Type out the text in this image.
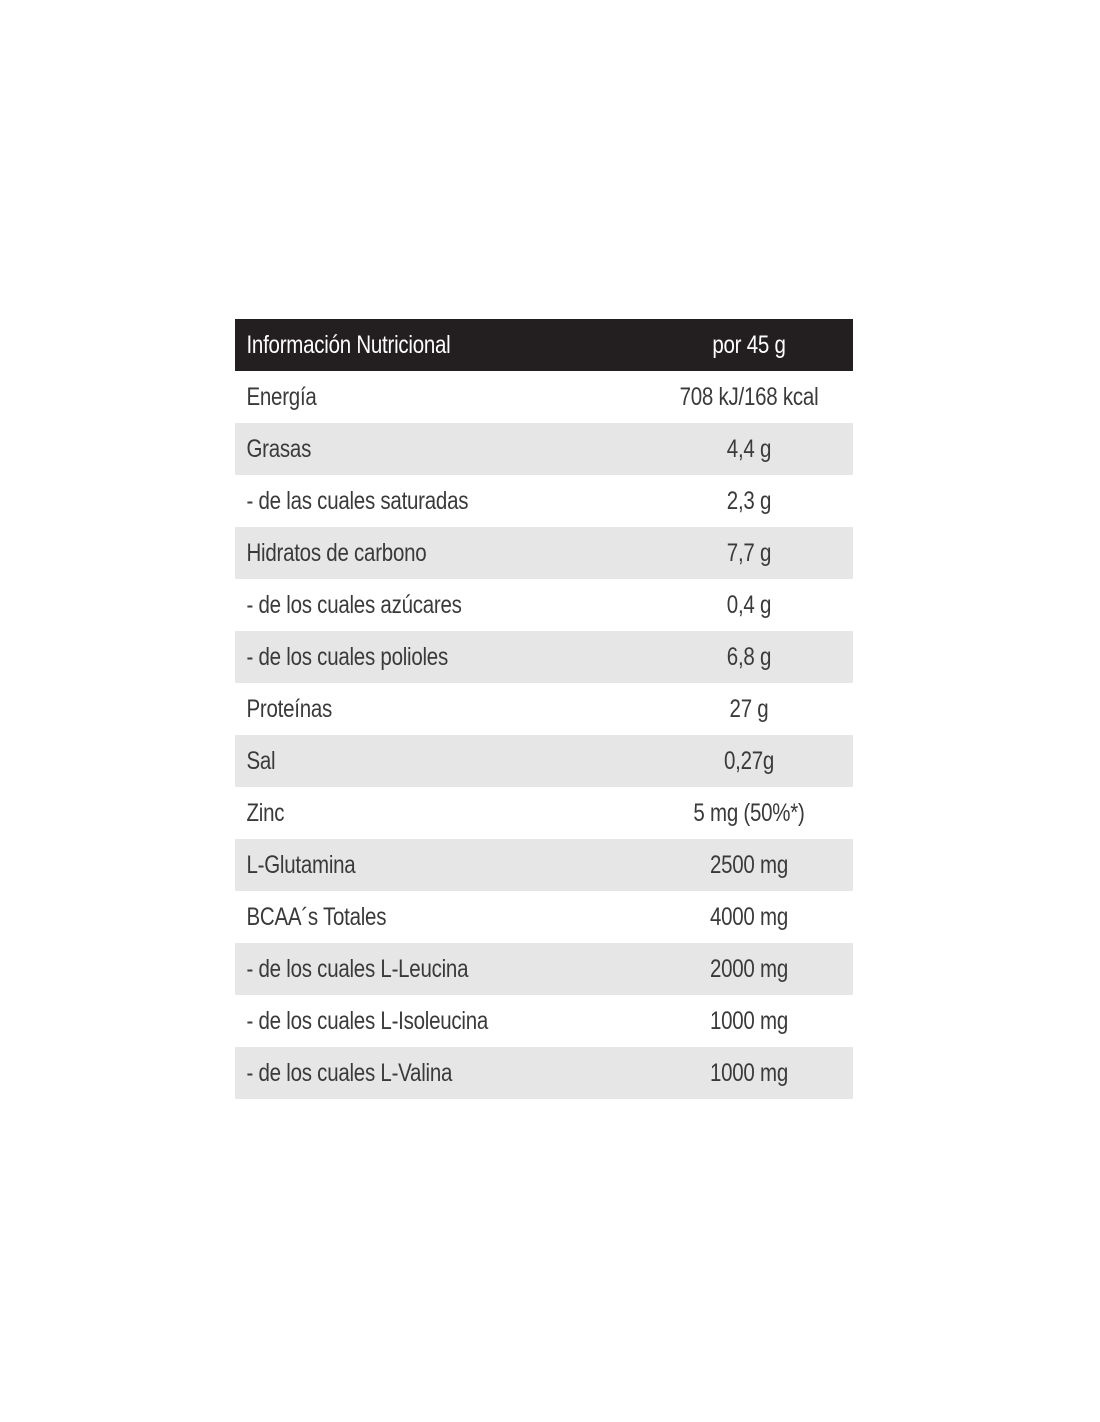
Información Nutricional	por 45 g
Energía	708 kJ/168 kcal
Grasas	4,4 g
- de las cuales saturadas	2,3 g
Hidratos de carbono	7,7 g
- de los cuales azúcares	0,4 g
- de los cuales polioles	6,8 g
Proteínas	27 g
Sal	0,27g
Zinc	5 mg (50%*)
L-Glutamina	2500 mg
BCAA´s Totales	4000 mg
- de los cuales L-Leucina	2000 mg
- de los cuales L-Isoleucina	1000 mg
- de los cuales L-Valina	1000 mg
